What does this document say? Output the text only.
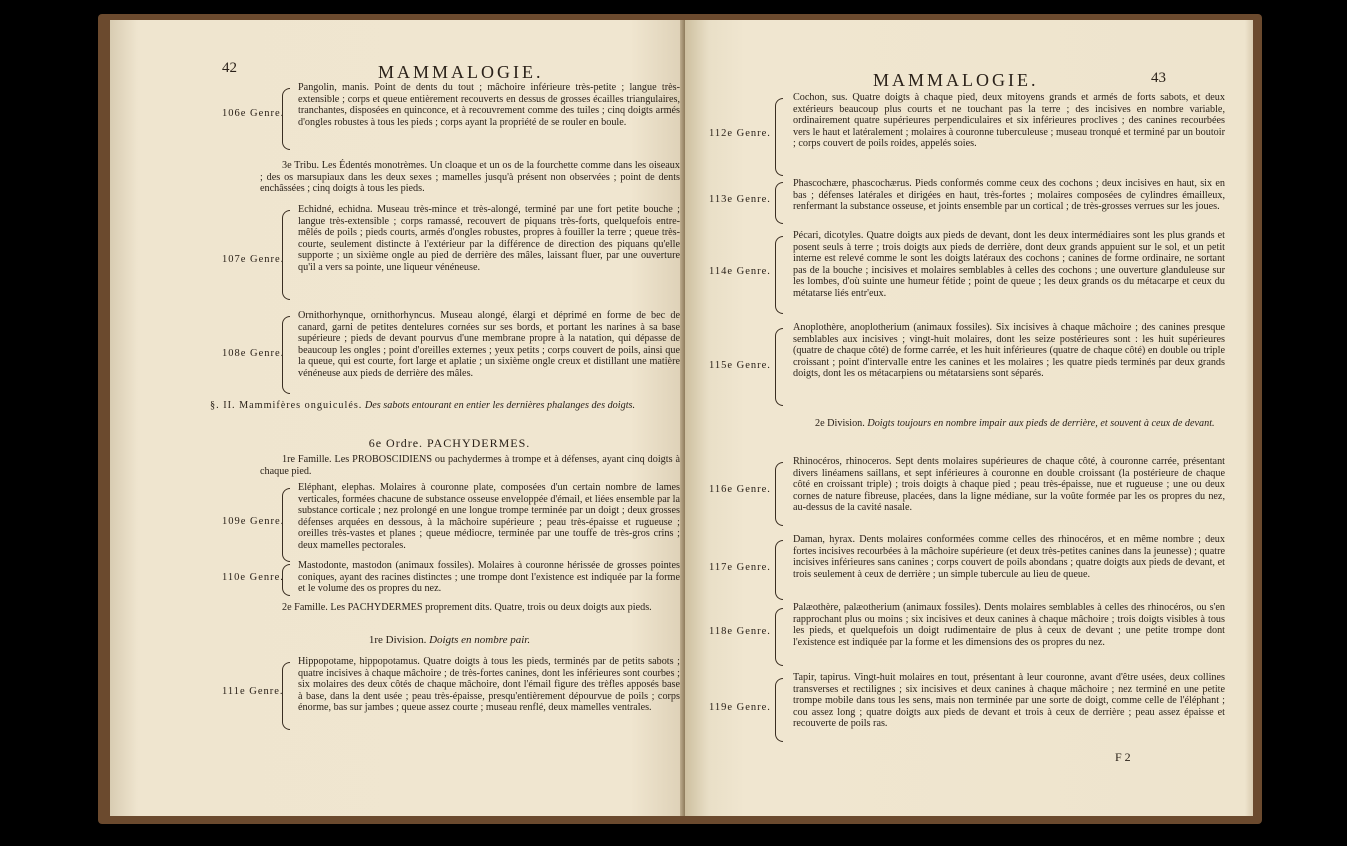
42	MAMMALOGIE.
106e Genre.
Pangolin, manis. Point de dents du tout ; mâchoire inférieure très-petite ; langue très-extensible ; corps et queue entièrement recouverts en dessus de grosses écailles triangulaires, tranchantes, disposées en quinconce, et à recouvrement comme des tuiles ; cinq doigts armés d'ongles robustes à tous les pieds ; corps ayant la propriété de se rouler en boule.
3e Tribu. Les Édentés monotrèmes. Un cloaque et un os de la fourchette comme dans les oiseaux ; des os marsupiaux dans les deux sexes ; mamelles jusqu'à présent non observées ; point de dents enchâssées ; cinq doigts à tous les pieds.
107e Genre.
Echidné, echidna. Museau très-mince et très-alongé, terminé par une fort petite bouche ; langue très-extensible ; corps ramassé, recouvert de piquans très-forts, quelquefois entre-mêlés de poils ; pieds courts, armés d'ongles robustes, propres à fouiller la terre ; queue très-courte, seulement distincte à l'extérieur par la différence de direction des piquans qu'elle supporte ; un sixième ongle au pied de derrière des mâles, laissant fluer, par une ouverture qu'il a vers sa pointe, une liqueur vénéneuse.
108e Genre.
Ornithorhynque, ornithorhyncus. Museau alongé, élargi et déprimé en forme de bec de canard, garni de petites dentelures cornées sur ses bords, et portant les narines à sa base supérieure ; pieds de devant pourvus d'une membrane propre à la natation, qui dépasse de beaucoup les ongles ; point d'oreilles externes ; yeux petits ; corps couvert de poils, ainsi que la queue, qui est courte, fort large et aplatie ; un sixième ongle creux et distillant une matière vénéneuse aux pieds de derrière des mâles.
§. II. Mammifères onguiculés. Des sabots entourant en entier les dernières phalanges des doigts.
6e Ordre. PACHYDERMES.
1re Famille. Les PROBOSCIDIENS ou pachydermes à trompe et à défenses, ayant cinq doigts à chaque pied.
109e Genre.
Eléphant, elephas. Molaires à couronne plate, composées d'un certain nombre de lames verticales, formées chacune de substance osseuse enveloppée d'émail, et liées ensemble par la substance corticale ; nez prolongé en une longue trompe terminée par un doigt ; deux grosses défenses arquées en dessous, à la mâchoire supérieure ; peau très-épaisse et rugueuse ; oreilles très-vastes et planes ; queue médiocre, terminée par une touffe de très-gros crins ; deux mamelles pectorales.
110e Genre.
Mastodonte, mastodon (animaux fossiles). Molaires à couronne hérissée de grosses pointes coniques, ayant des racines distinctes ; une trompe dont l'existence est indiquée par la forme et le volume des os propres du nez.
2e Famille. Les PACHYDERMES proprement dits. Quatre, trois ou deux doigts aux pieds.
1re Division. Doigts en nombre pair.
111e Genre.
Hippopotame, hippopotamus. Quatre doigts à tous les pieds, terminés par de petits sabots ; quatre incisives à chaque mâchoire ; de très-fortes canines, dont les inférieures sont courbes ; six molaires des deux côtés de chaque mâchoire, dont l'émail figure des trèfles apposés base à base, dans la dent usée ; peau très-épaisse, presqu'entièrement dépourvue de poils ; corps énorme, bas sur jambes ; queue assez courte ; museau renflé, deux mamelles ventrales.
MAMMALOGIE.	43
112e Genre.
Cochon, sus. Quatre doigts à chaque pied, deux mitoyens grands et armés de forts sabots, et deux extérieurs beaucoup plus courts et ne touchant pas la terre ; des incisives en nombre variable, ordinairement quatre supérieures perpendiculaires et six inférieures proclives ; des canines recourbées vers le haut et latéralement ; molaires à couronne tuberculeuse ; museau tronqué et terminé par un boutoir ; corps couvert de poils roides, appelés soies.
113e Genre.
Phascochære, phascochærus. Pieds conformés comme ceux des cochons ; deux incisives en haut, six en bas ; défenses latérales et dirigées en haut, très-fortes ; molaires composées de cylindres émailleux, renfermant la substance osseuse, et joints ensemble par un cortical ; de très-grosses verrues sur les joues.
114e Genre.
Pécari, dicotyles. Quatre doigts aux pieds de devant, dont les deux intermédiaires sont les plus grands et posent seuls à terre ; trois doigts aux pieds de derrière, dont deux grands appuient sur le sol, et un petit interne est relevé comme le sont les doigts latéraux des cochons ; canines de forme ordinaire, ne sortant pas de la bouche ; incisives et molaires semblables à celles des cochons ; une ouverture glanduleuse sur les lombes, d'où suinte une humeur fétide ; point de queue ; les deux grands os du métacarpe et ceux du métatarse liés entr'eux.
115e Genre.
Anoplothère, anoplotherium (animaux fossiles). Six incisives à chaque mâchoire ; des canines presque semblables aux incisives ; vingt-huit molaires, dont les seize postérieures sont : les huit supérieures (quatre de chaque côté) de forme carrée, et les huit inférieures (quatre de chaque côté) en double ou triple croissant ; point d'intervalle entre les canines et les molaires ; les quatre pieds terminés par deux grands doigts, dont les os métacarpiens ou métatarsiens sont séparés.
2e Division. Doigts toujours en nombre impair aux pieds de derrière, et souvent à ceux de devant.
116e Genre.
Rhinocéros, rhinoceros. Sept dents molaires supérieures de chaque côté, à couronne carrée, présentant divers linéamens saillans, et sept inférieures à couronne en double croissant (la postérieure de chaque côté en croissant triple) ; trois doigts à chaque pied ; peau très-épaisse, nue et rugueuse ; une ou deux cornes de nature fibreuse, placées, dans la ligne médiane, sur la voûte formée par les os propres du nez, au-dessus de la cavité nasale.
117e Genre.
Daman, hyrax. Dents molaires conformées comme celles des rhinocéros, et en même nombre ; deux fortes incisives recourbées à la mâchoire supérieure (et deux très-petites canines dans la jeunesse) ; quatre incisives inférieures sans canines ; corps couvert de poils abondans ; quatre doigts aux pieds de devant, et trois seulement à ceux de derrière ; un simple tubercule au lieu de queue.
118e Genre.
Palæothère, palæotherium (animaux fossiles). Dents molaires semblables à celles des rhinocéros, ou s'en rapprochant plus ou moins ; six incisives et deux canines à chaque mâchoire ; trois doigts visibles à tous les pieds, et quelquefois un doigt rudimentaire de plus à ceux de devant ; une petite trompe dont l'existence est indiquée par la forme et les dimensions des os propres du nez.
119e Genre.
Tapir, tapirus. Vingt-huit molaires en tout, présentant à leur couronne, avant d'être usées, deux collines transverses et rectilignes ; six incisives et deux canines à chaque mâchoire ; nez terminé en une petite trompe mobile dans tous les sens, mais non terminée par une sorte de doigt, comme celle de l'éléphant ; cou assez long ; quatre doigts aux pieds de devant et trois à ceux de derrière ; peau assez épaisse et recouverte de poils ras.
F 2
